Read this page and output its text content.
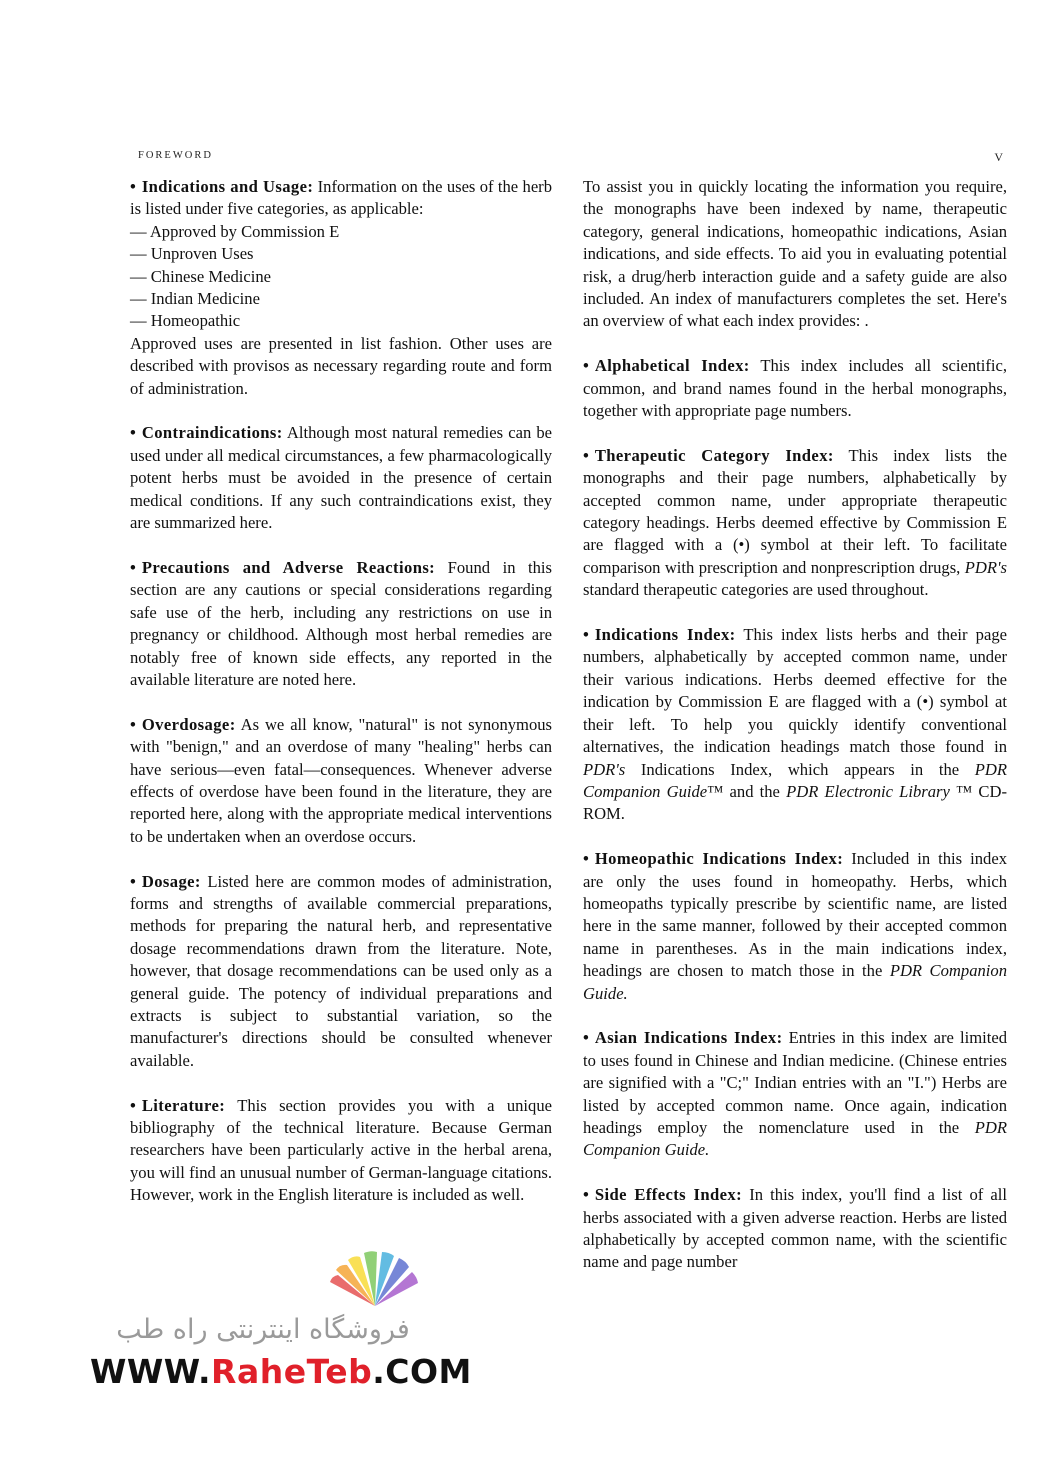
FOREWORD	V

• Indications and Usage: Information on the uses of the herb is listed under five categories, as applicable:

— Approved by Commission E
— Unproven Uses
— Chinese Medicine
— Indian Medicine
— Homeopathic

Approved uses are presented in list fashion. Other uses are described with provisos as necessary regarding route and form of administration.

• Contraindications: Although most natural remedies can be used under all medical circumstances, a few pharmacologically potent herbs must be avoided in the presence of certain medical conditions. If any such contraindications exist, they are summarized here.

• Precautions and Adverse Reactions: Found in this section are any cautions or special considerations regarding safe use of the herb, including any restrictions on use in pregnancy or childhood. Although most herbal remedies are notably free of known side effects, any reported in the available literature are noted here.

• Overdosage: As we all know, "natural" is not synonymous with "benign," and an overdose of many "healing" herbs can have serious—even fatal—consequences. Whenever adverse effects of overdose have been found in the literature, they are reported here, along with the appropriate medical interventions to be undertaken when an overdose occurs.

• Dosage: Listed here are common modes of administration, forms and strengths of available commercial preparations, methods for preparing the natural herb, and representative dosage recommendations drawn from the literature. Note, however, that dosage recommendations can be used only as a general guide. The potency of individual preparations and extracts is subject to substantial variation, so the manufacturer's directions should be consulted whenever available.

• Literature: This section provides you with a unique bibliography of the technical literature. Because German researchers have been particularly active in the herbal arena, you will find an unusual number of German-language citations. However, work in the English literature is included as well.

To assist you in quickly locating the information you require, the monographs have been indexed by name, therapeutic category, general indications, homeopathic indications, Asian indications, and side effects. To aid you in evaluating potential risk, a drug/herb interaction guide and a safety guide are also included. An index of manufacturers completes the set. Here's an overview of what each index provides: .

• Alphabetical Index: This index includes all scientific, common, and brand names found in the herbal monographs, together with appropriate page numbers.

• Therapeutic Category Index: This index lists the monographs and their page numbers, alphabetically by accepted common name, under appropriate therapeutic category headings. Herbs deemed effective by Commission E are flagged with a (•) symbol at their left. To facilitate comparison with prescription and nonprescription drugs, PDR's standard therapeutic categories are used throughout.

• Indications Index: This index lists herbs and their page numbers, alphabetically by accepted common name, under their various indications. Herbs deemed effective for the indication by Commission E are flagged with a (•) symbol at their left. To help you quickly identify conventional alternatives, the indication headings match those found in PDR's Indications Index, which appears in the PDR Companion Guide™ and the PDR Electronic Library ™ CD-ROM.

• Homeopathic Indications Index: Included in this index are only the uses found in homeopathy. Herbs, which homeopaths typically prescribe by scientific name, are listed here in the same manner, followed by their accepted common name in parentheses. As in the main indications index, headings are chosen to match those in the PDR Companion Guide.

• Asian Indications Index: Entries in this index are limited to uses found in Chinese and Indian medicine. (Chinese entries are signified with a "C;" Indian entries with an "I.") Herbs are listed by accepted common name. Once again, indication headings employ the nomenclature used in the PDR Companion Guide.

• Side Effects Index: In this index, you'll find a list of all herbs associated with a given adverse reaction. Herbs are listed alphabetically by accepted common name, with the scientific name and page number

فروشگاه اینترنتی راه طب
WWW.RaheTeb.COM
